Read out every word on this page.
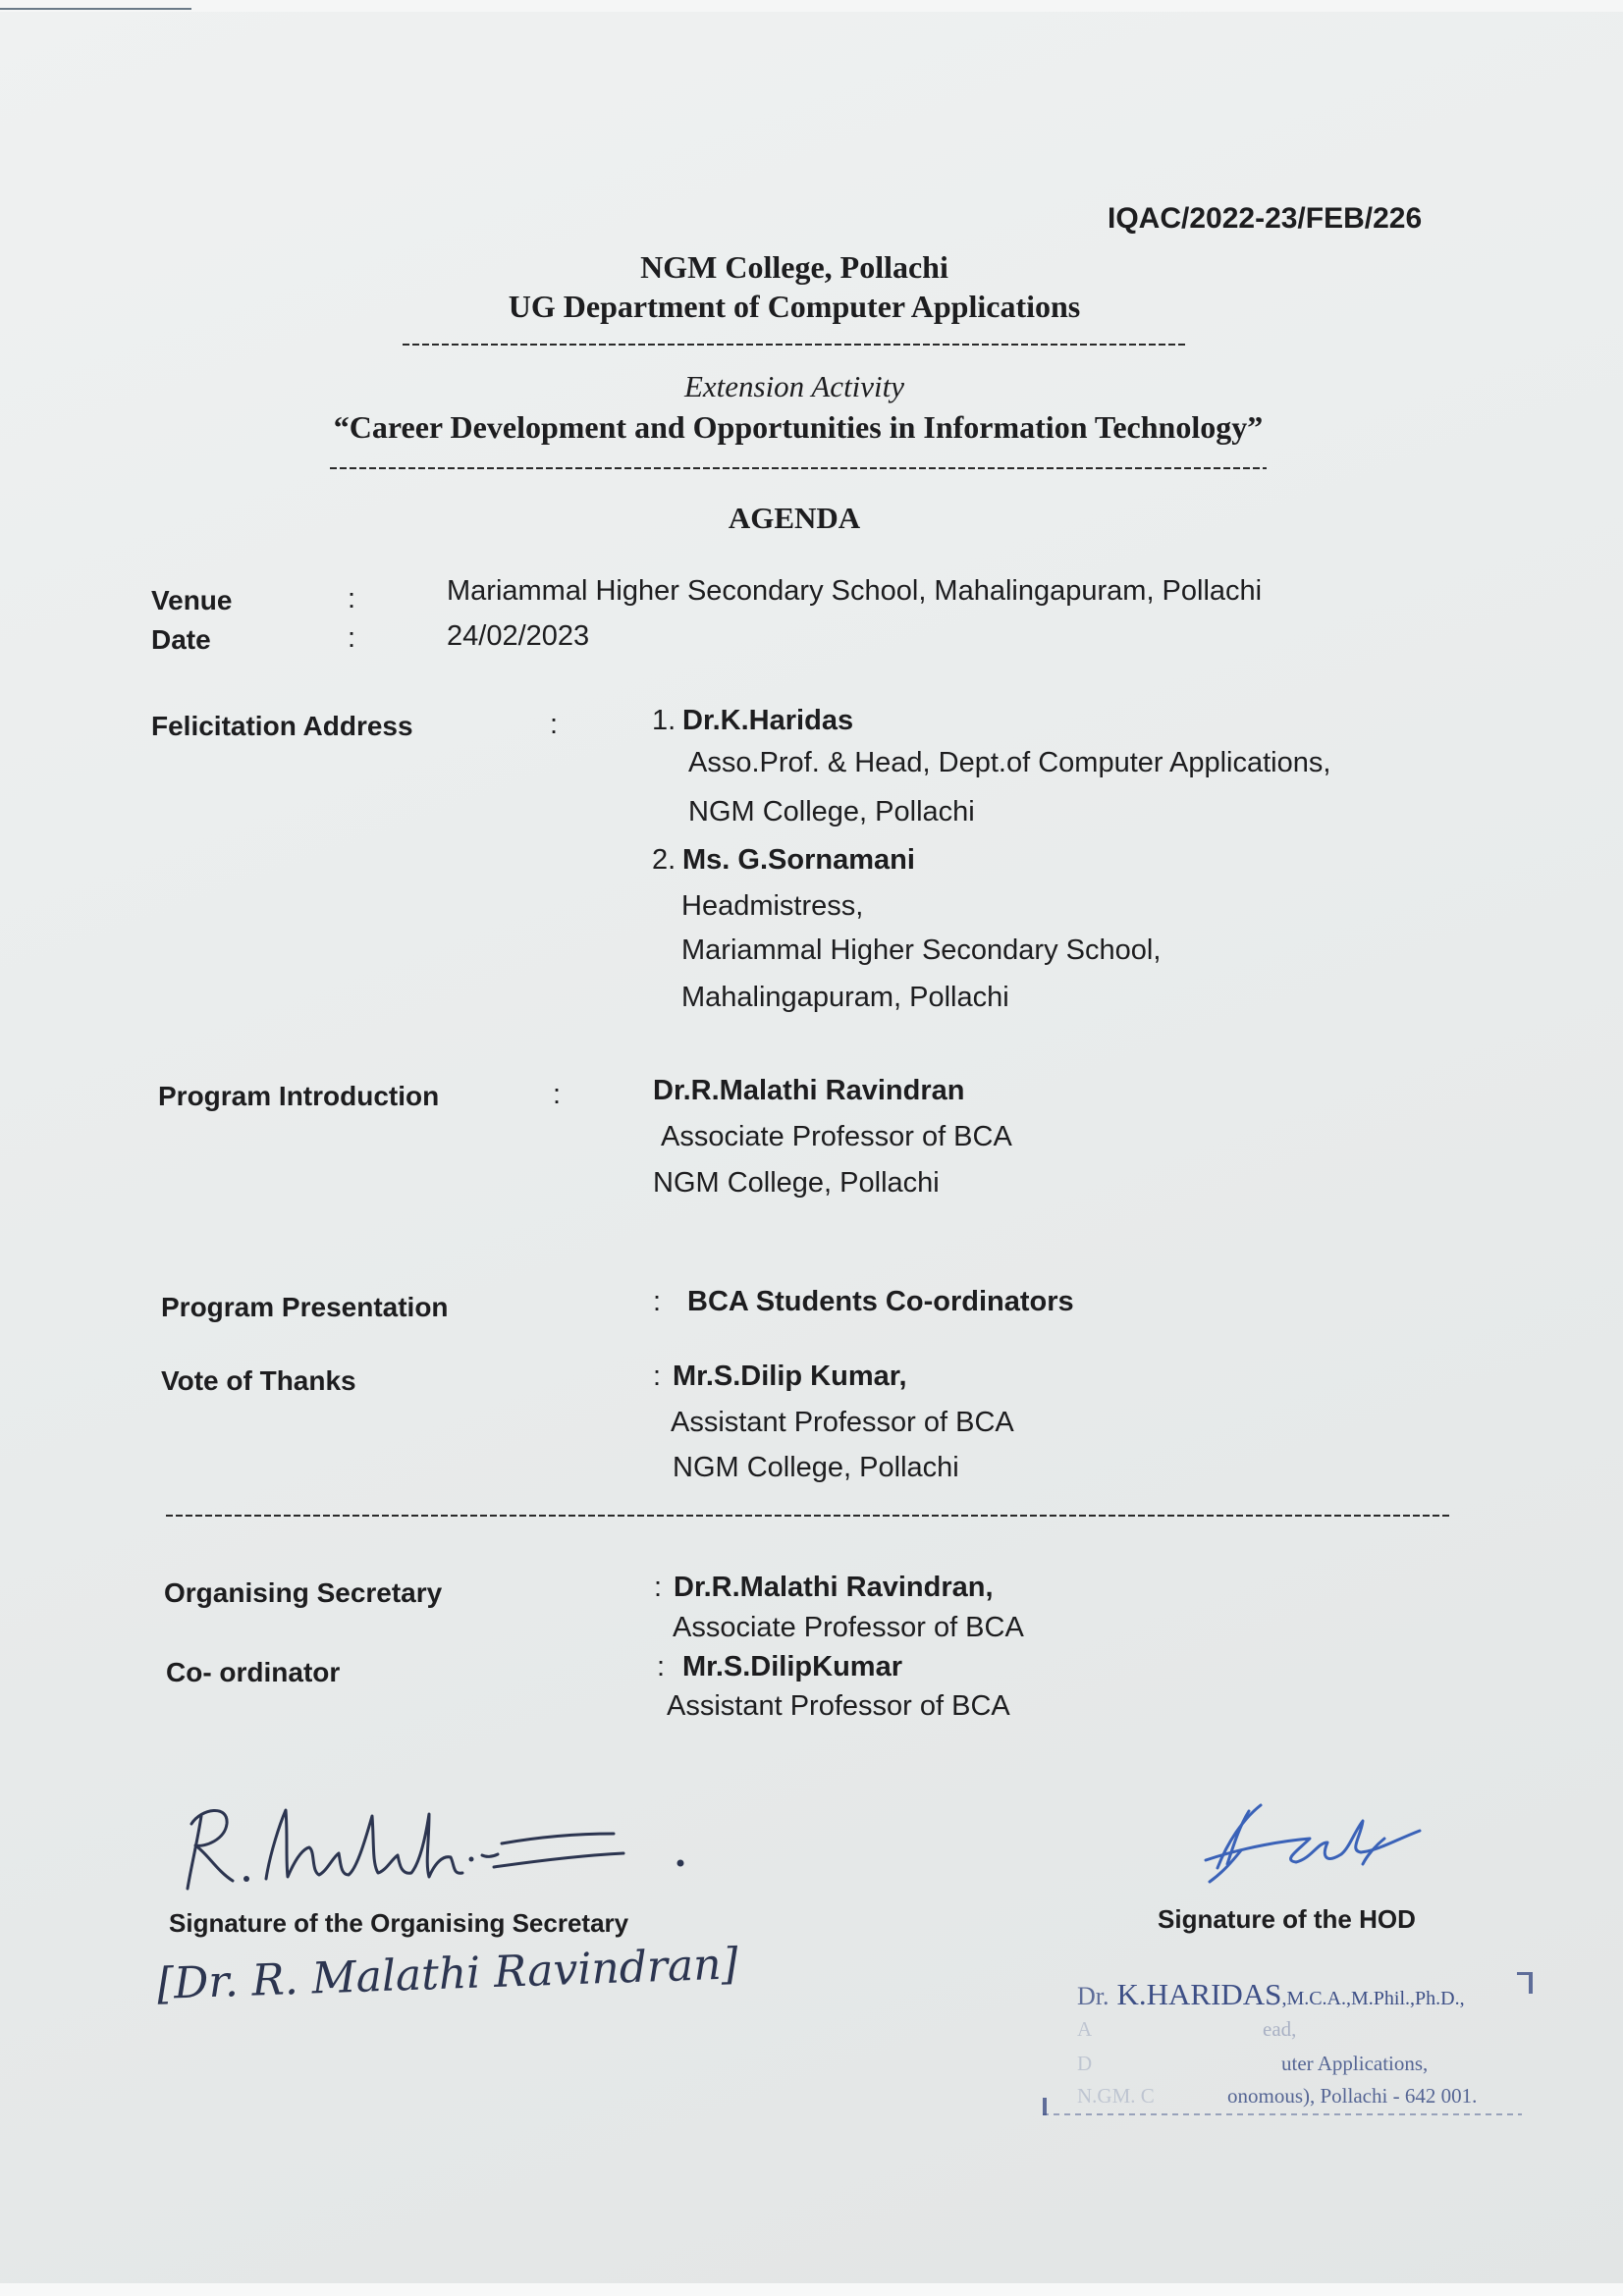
IQAC/2022-23/FEB/226
NGM College, Pollachi
UG Department of Computer Applications
Extension Activity
“Career Development and Opportunities in Information Technology”
AGENDA
Venue	:	Mariammal Higher Secondary School, Mahalingapuram, Pollachi
Date	:	24/02/2023
Felicitation Address	:	1. Dr.K.Haridas
Asso.Prof. & Head, Dept.of Computer Applications,
NGM College, Pollachi
2. Ms. G.Sornamani
Headmistress,
Mariammal Higher Secondary School,
Mahalingapuram, Pollachi
Program Introduction	:	Dr.R.Malathi Ravindran
Associate Professor of BCA
NGM College, Pollachi
Program Presentation	: BCA Students Co-ordinators
Vote of Thanks	: Mr.S.Dilip Kumar,
Assistant Professor of BCA
NGM College, Pollachi
Organising Secretary	: Dr.R.Malathi Ravindran,
Associate Professor of BCA
Co- ordinator	: Mr.S.DilipKumar
Assistant Professor of BCA
Signature of the Organising Secretary
[Dr. R. Malathi Ravindran]
Signature of the HOD
Dr. K.HARIDAS,M.C.A.,M.Phil.,Ph.D.,
A	ead,
D	uter Applications,
N.GM. C	onomous), Pollachi - 642 001.
